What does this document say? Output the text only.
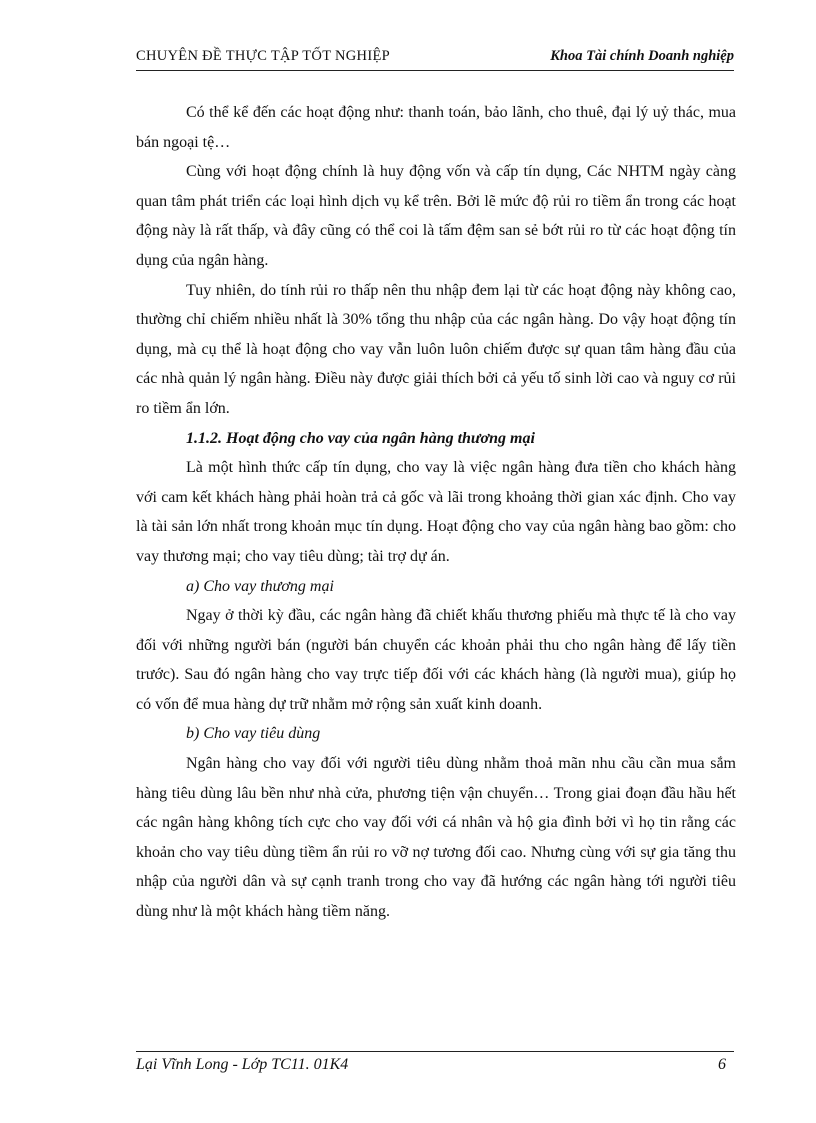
CHUYÊN ĐỀ THỰC TẬP TỐT NGHIỆP	Khoa Tài chính Doanh nghiệp

Có thể kể đến các hoạt động như: thanh toán, bảo lãnh, cho thuê, đại lý uỷ thác, mua bán ngoại tệ…

Cùng với hoạt động chính là huy động vốn và cấp tín dụng, Các NHTM ngày càng quan tâm phát triển các loại hình dịch vụ kể trên. Bởi lẽ mức độ rủi ro tiềm ẩn trong các hoạt động này là rất thấp, và đây cũng có thể coi là tấm đệm san sẻ bớt rủi ro từ các hoạt động tín dụng của ngân hàng.

Tuy nhiên, do tính rủi ro thấp nên thu nhập đem lại từ các hoạt động này không cao, thường chỉ chiếm nhiều nhất là 30% tổng thu nhập của các ngân hàng. Do vậy hoạt động tín dụng, mà cụ thể là hoạt động cho vay vẫn luôn luôn chiếm được sự quan tâm hàng đầu của các nhà quản lý ngân hàng. Điều này được giải thích bởi cả yếu tố sinh lời cao và nguy cơ rủi ro tiềm ẩn lớn.

1.1.2. Hoạt động cho vay của ngân hàng thương mại

Là một hình thức cấp tín dụng, cho vay là việc ngân hàng đưa tiền cho khách hàng với cam kết khách hàng phải hoàn trả cả gốc và lãi trong khoảng thời gian xác định. Cho vay là tài sản lớn nhất trong khoản mục tín dụng. Hoạt động cho vay của ngân hàng bao gồm: cho vay thương mại; cho vay tiêu dùng; tài trợ dự án.

a) Cho vay thương mại

Ngay ở thời kỳ đầu, các ngân hàng đã chiết khấu thương phiếu mà thực tế là cho vay đối với những người bán (người bán chuyển các khoản phải thu cho ngân hàng để lấy tiền trước). Sau đó ngân hàng cho vay trực tiếp đối với các khách hàng (là người mua), giúp họ có vốn để mua hàng dự trữ nhằm mở rộng sản xuất kinh doanh.

b) Cho vay tiêu dùng

Ngân hàng cho vay đối với người tiêu dùng nhằm thoả mãn nhu cầu cần mua sắm hàng tiêu dùng lâu bền như nhà cửa, phương tiện vận chuyển… Trong giai đoạn đầu hầu hết các ngân hàng không tích cực cho vay đối với cá nhân và hộ gia đình bởi vì họ tin rằng các khoản cho vay tiêu dùng tiềm ẩn rủi ro vỡ nợ tương đối cao. Nhưng cùng với sự gia tăng thu nhập của người dân và sự cạnh tranh trong cho vay đã hướng các ngân hàng tới người tiêu dùng như là một khách hàng tiềm năng.

Lại Vĩnh Long - Lớp TC11. 01K4	6
